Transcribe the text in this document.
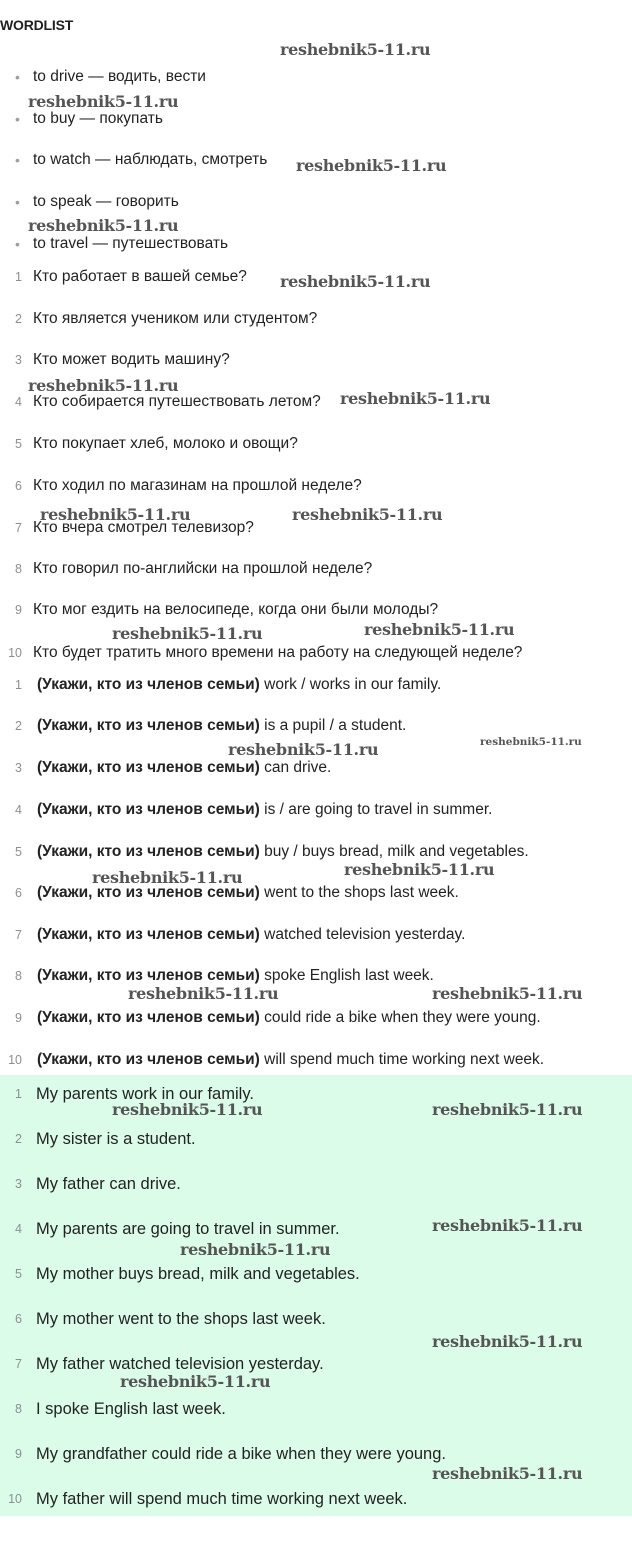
WORDLIST
• to drive — водить, вести
• to buy — покупать
• to watch — наблюдать, смотреть
• to speak — говорить
• to travel — путешествовать
1 Кто работает в вашей семье?
2 Кто является учеником или студентом?
3 Кто может водить машину?
4 Кто собирается путешествовать летом?
5 Кто покупает хлеб, молоко и овощи?
6 Кто ходил по магазинам на прошлой неделе?
7 Кто вчера смотрел телевизор?
8 Кто говорил по-английски на прошлой неделе?
9 Кто мог ездить на велосипеде, когда они были молоды?
10 Кто будет тратить много времени на работу на следующей неделе?
1 (Укажи, кто из членов семьи) work / works in our family.
2 (Укажи, кто из членов семьи) is a pupil / a student.
3 (Укажи, кто из членов семьи) can drive.
4 (Укажи, кто из членов семьи) is / are going to travel in summer.
5 (Укажи, кто из членов семьи) buy / buys bread, milk and vegetables.
6 (Укажи, кто из членов семьи) went to the shops last week.
7 (Укажи, кто из членов семьи) watched television yesterday.
8 (Укажи, кто из членов семьи) spoke English last week.
9 (Укажи, кто из членов семьи) could ride a bike when they were young.
10 (Укажи, кто из членов семьи) will spend much time working next week.
1 My parents work in our family.
2 My sister is a student.
3 My father can drive.
4 My parents are going to travel in summer.
5 My mother buys bread, milk and vegetables.
6 My mother went to the shops last week.
7 My father watched television yesterday.
8 I spoke English last week.
9 My grandfather could ride a bike when they were young.
10 My father will spend much time working next week.
reshebnik5-11.ru
reshebnik5-11.ru
reshebnik5-11.ru
reshebnik5-11.ru
reshebnik5-11.ru
reshebnik5-11.ru
reshebnik5-11.ru
reshebnik5-11.ru	reshebnik5-11.ru
reshebnik5-11.ru	reshebnik5-11.ru
reshebnik5-11.ru	reshebnik5-11.ru
reshebnik5-11.ru
reshebnik5-11.ru
reshebnik5-11.ru	reshebnik5-11.ru
reshebnik5-11.ru	reshebnik5-11.ru
reshebnik5-11.ru
reshebnik5-11.ru
reshebnik5-11.ru
reshebnik5-11.ru
reshebnik5-11.ru
